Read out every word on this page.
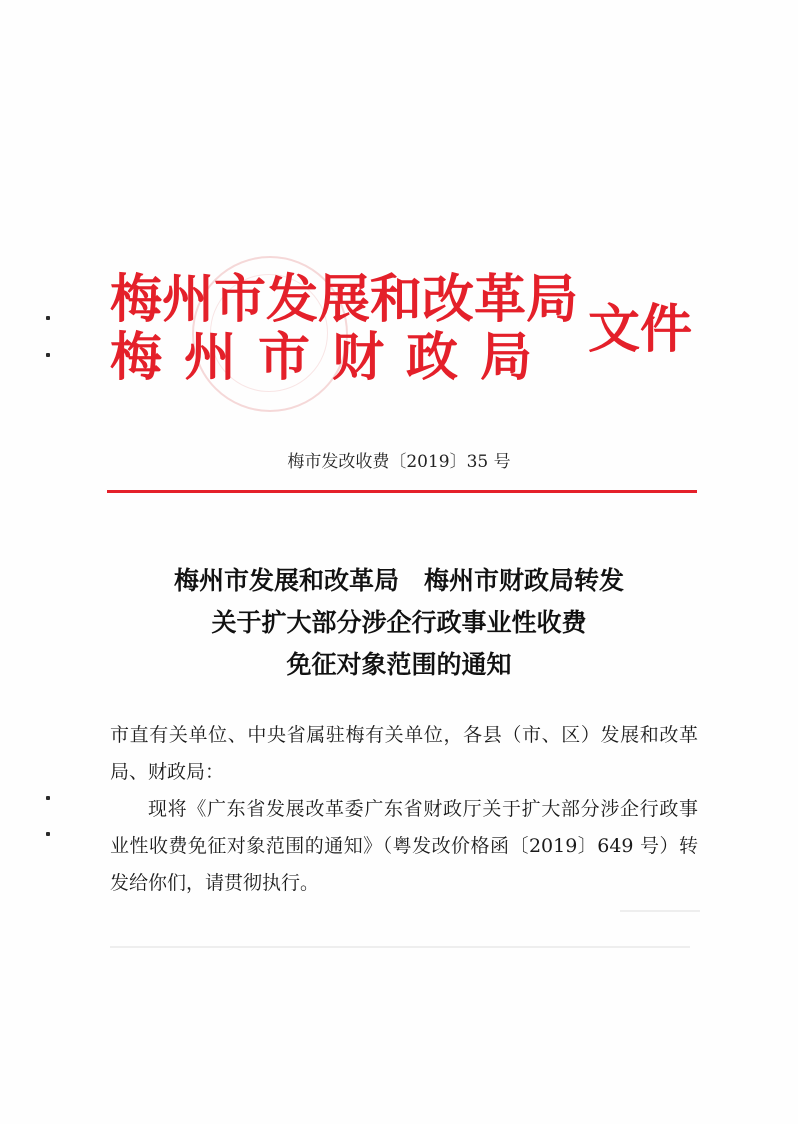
梅州市发展和改革局
梅州市财政局 文件
梅市发改收费〔2019〕35 号
梅州市发展和改革局　梅州市财政局转发
关于扩大部分涉企行政事业性收费
免征对象范围的通知

市直有关单位、中央省属驻梅有关单位，各县（市、区）发展和改革局、财政局：

现将《广东省发展改革委广东省财政厅关于扩大部分涉企行政事业性收费免征对象范围的通知》（粤发改价格函〔2019〕649 号）转发给你们，请贯彻执行。
